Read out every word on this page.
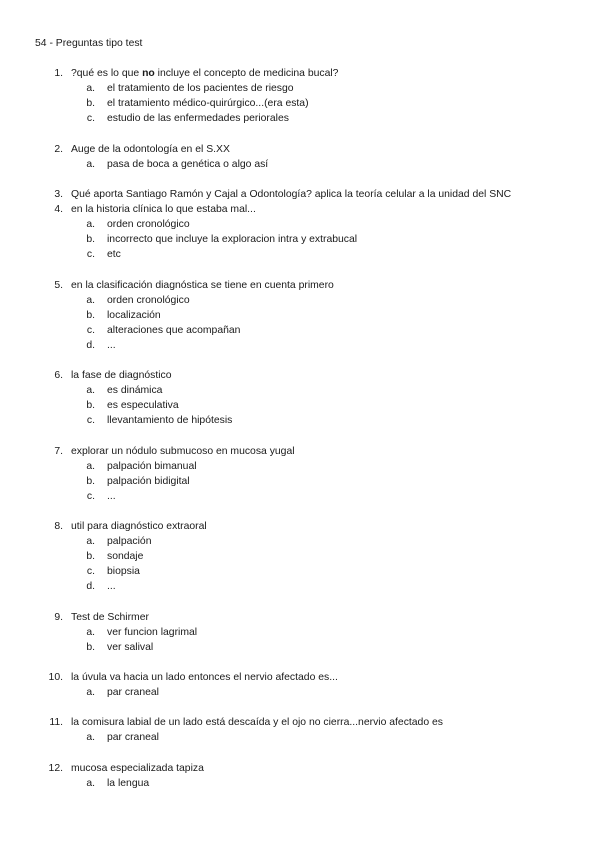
54 - Preguntas tipo test
1. ?qué es lo que no incluye el concepto de medicina bucal?
a. el tratamiento de los pacientes de riesgo
b. el tratamiento médico-quirúrgico...(era esta)
c. estudio de las enfermedades periorales
2. Auge de la odontología en el S.XX
a. pasa de boca a genética o algo así
3. Qué aporta Santiago Ramón y Cajal a Odontología? aplica la teoría celular a la unidad del SNC
4. en la historia clínica lo que estaba mal...
a. orden cronológico
b. incorrecto que incluye la exploracion intra y extrabucal
c. etc
5. en la clasificación diagnóstica se tiene en cuenta primero
a. orden cronológico
b. localización
c. alteraciones que acompañan
d. ...
6. la fase de diagnóstico
a. es dinámica
b. es especulativa
c. llevantamiento de hipótesis
7. explorar un nódulo submucoso en mucosa yugal
a. palpación bimanual
b. palpación bidigital
c. ...
8. util para diagnóstico extraoral
a. palpación
b. sondaje
c. biopsia
d. ...
9. Test de Schirmer
a. ver funcion lagrimal
b. ver salival
10. la úvula va hacia un lado entonces el nervio afectado es...
a. par craneal
11. la comisura labial de un lado está descaída y el ojo no cierra...nervio afectado es
a. par craneal
12. mucosa especializada tapiza
a. la lengua
